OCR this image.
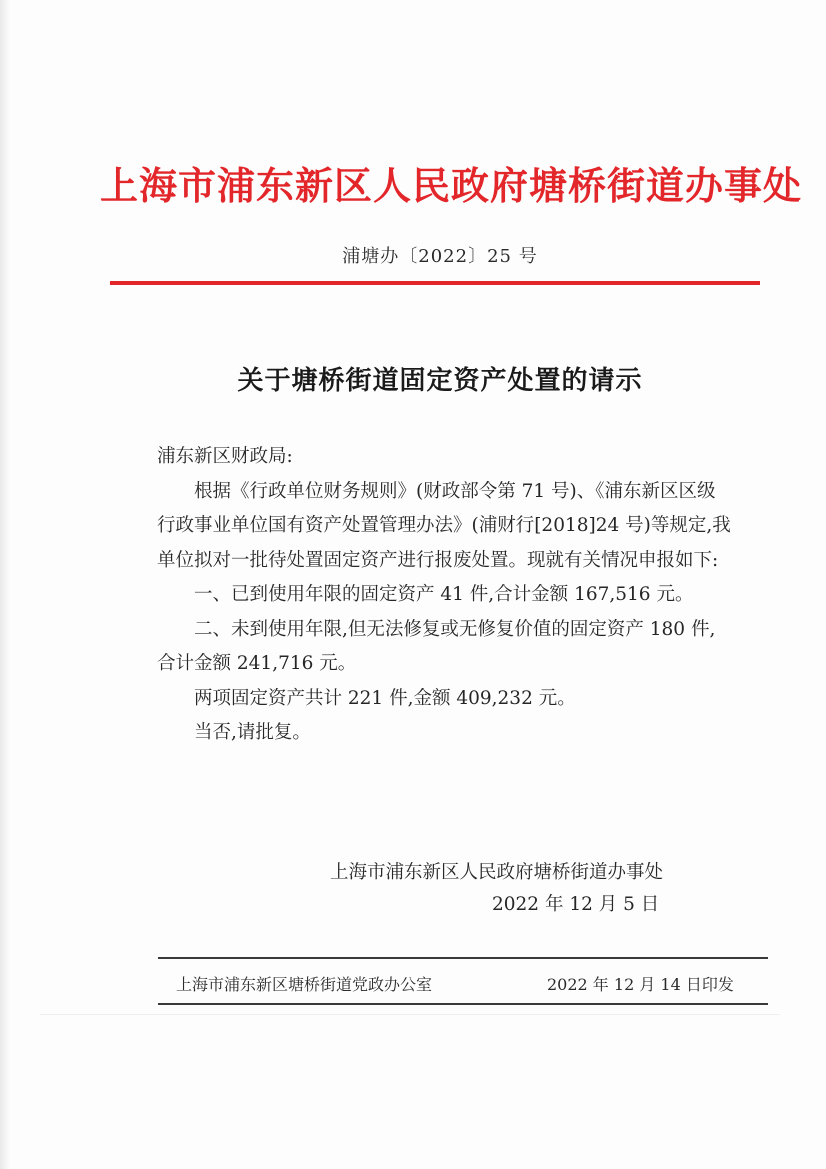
上海市浦东新区人民政府塘桥街道办事处
浦塘办〔2022〕25 号
关于塘桥街道固定资产处置的请示

浦东新区财政局:

根据《行政单位财务规则》(财政部令第 71 号)、《浦东新区区级行政事业单位国有资产处置管理办法》(浦财行[2018]24 号)等规定,我单位拟对一批待处置固定资产进行报废处置。现就有关情况申报如下:

一、已到使用年限的固定资产 41 件,合计金额 167,516 元。

二、未到使用年限,但无法修复或无修复价值的固定资产 180 件,合计金额 241,716 元。

两项固定资产共计 221 件,金额 409,232 元。

当否,请批复。

上海市浦东新区人民政府塘桥街道办事处
2022 年 12 月 5 日
上海市浦东新区塘桥街道党政办公室	2022 年 12 月 14 日印发
